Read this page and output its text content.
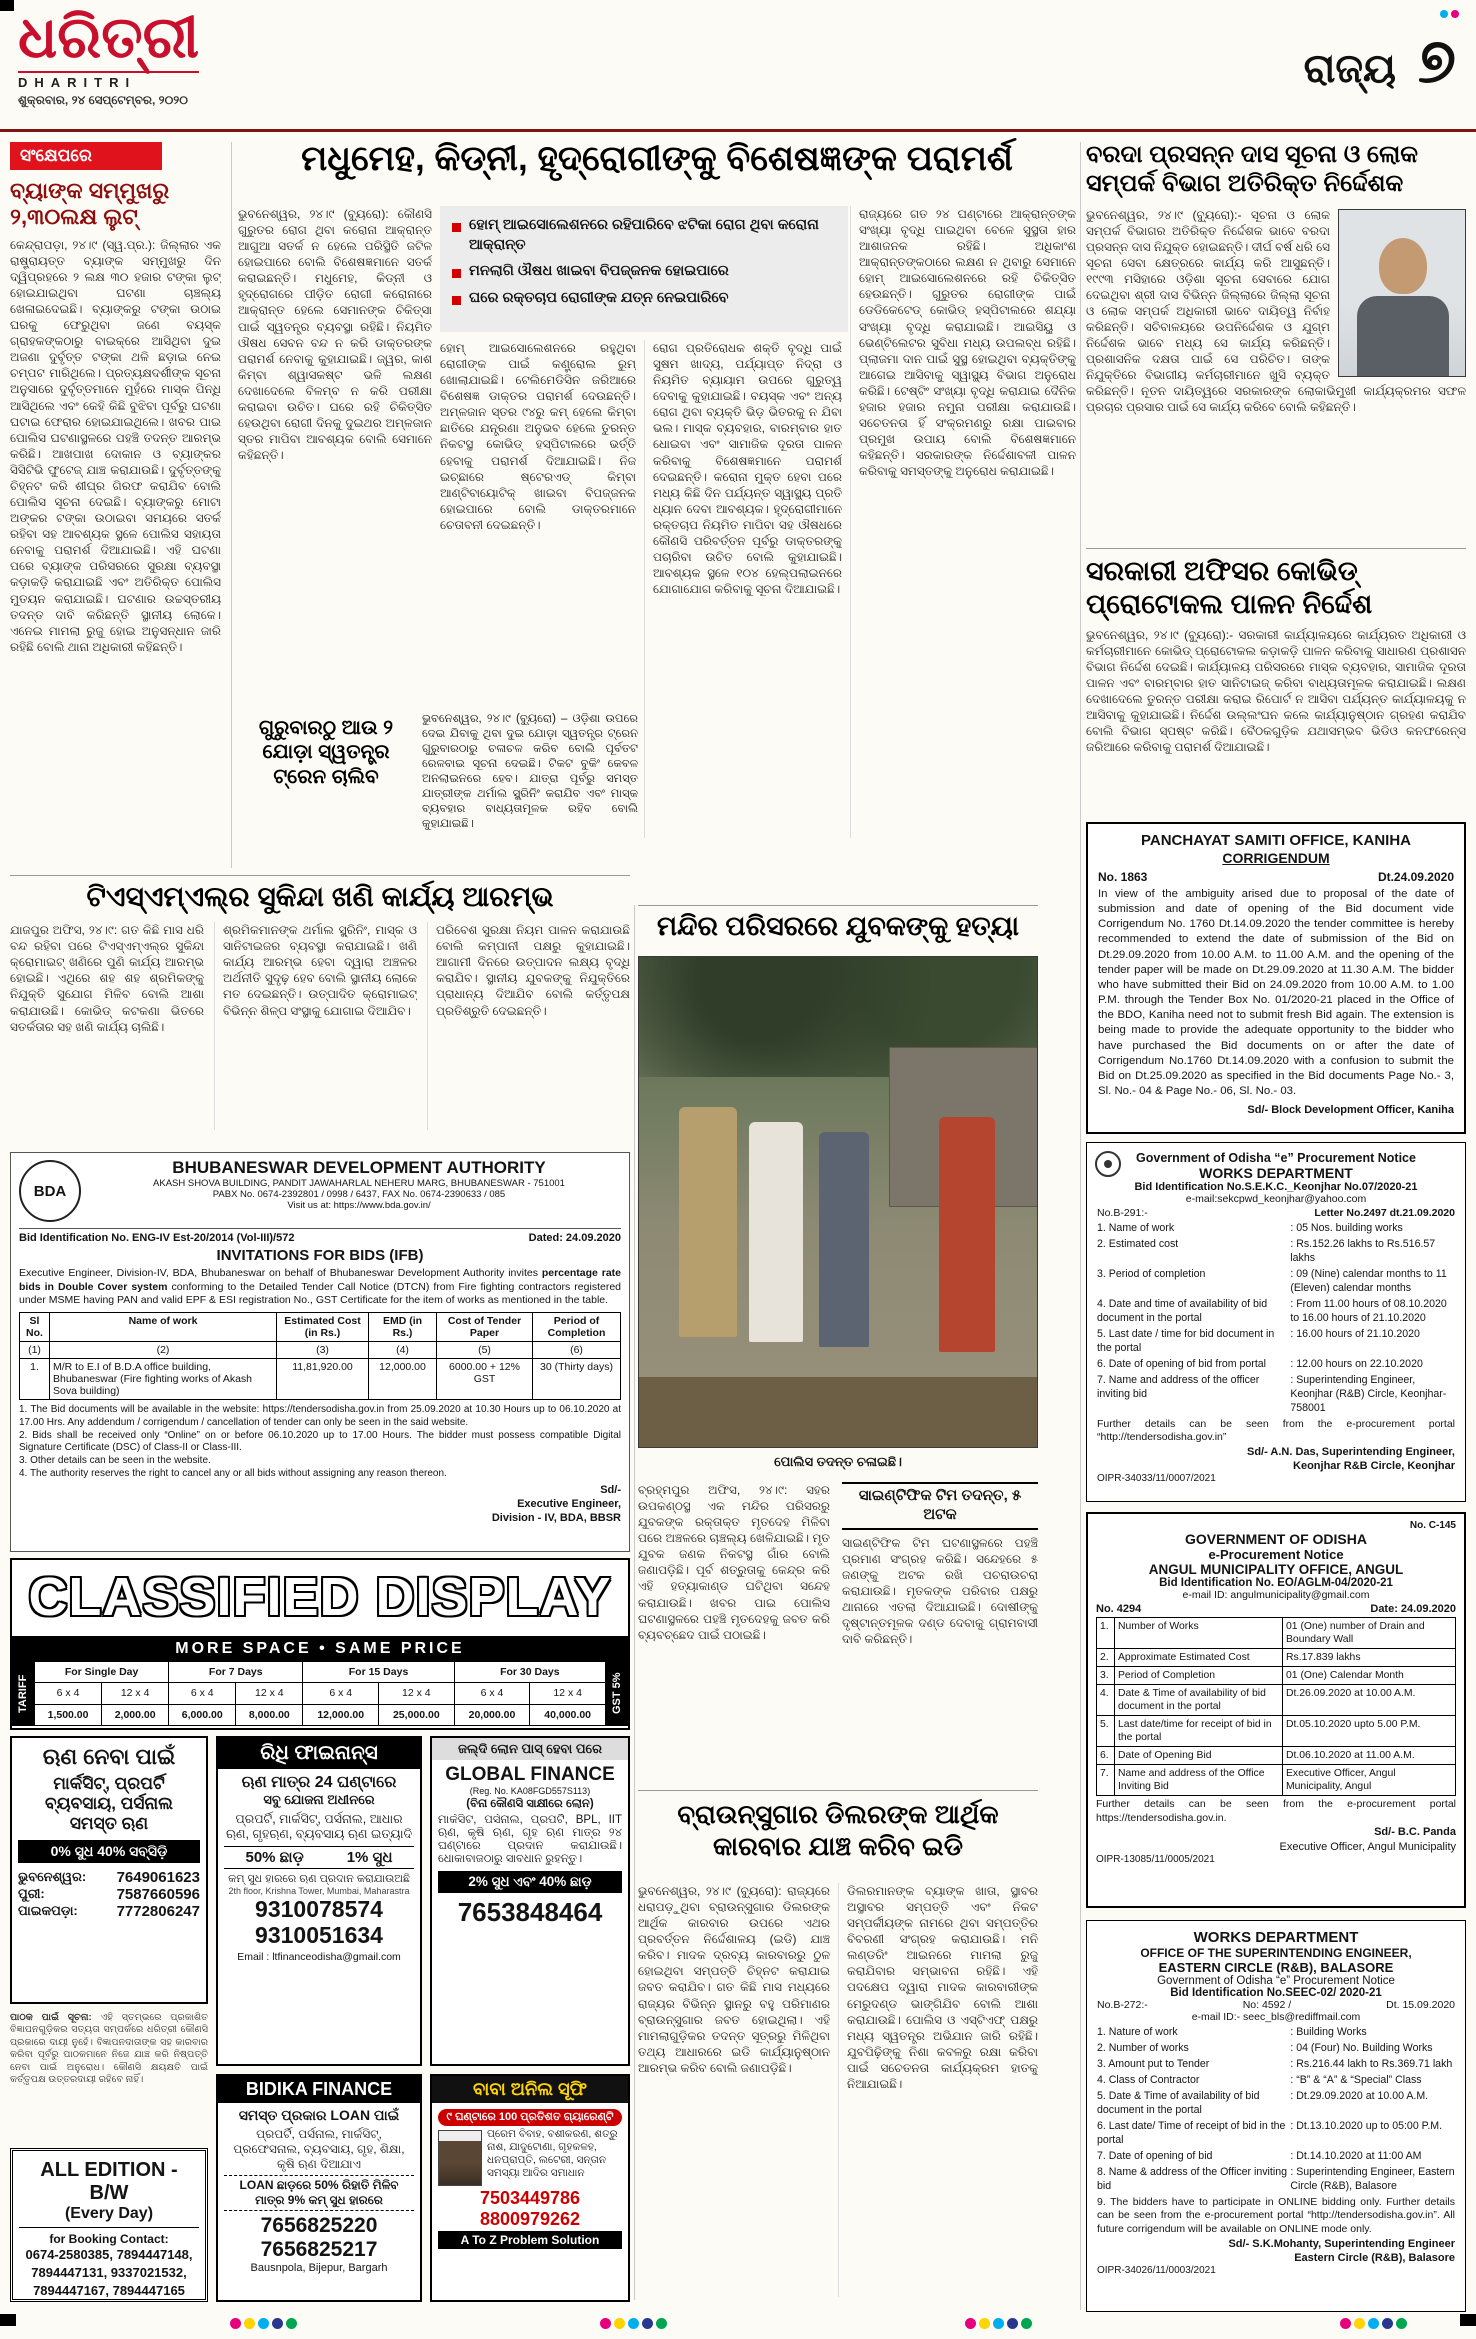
ଧରିତ୍ରୀ
DHARITRI
ଶୁକ୍ରବାର, ୨୪ ସେପ୍ଟେମ୍ବର, ୨୦୨୦
ରାଜ୍ୟ ୭
ସଂକ୍ଷେପରେ
ବ୍ୟାଙ୍କ ସମ୍ମୁଖରୁ ୨,୩୦ଲକ୍ଷ ଲୁଟ୍

କେନ୍ଦ୍ରାପଡ଼ା, ୨୪।୯ (ସ୍ୱ.ପ୍ର.): ଜିଲ୍ଲାର ଏକ ରାଷ୍ଟ୍ରାୟତ୍ତ ବ୍ୟାଙ୍କ ସମ୍ମୁଖରୁ ଦିନ ଦ୍ୱିପ୍ରହରେ ୨ ଲକ୍ଷ ୩୦ ହଜାର ଟଙ୍କା ଲୁଟ୍ ହୋଇଯାଇଥିବା ଘଟଣା ଚାଞ୍ଚଲ୍ୟ ଖେଳାଇଦେଇଛି। ବ୍ୟାଙ୍କରୁ ଟଙ୍କା ଉଠାଇ ଘରକୁ ଫେରୁଥିବା ଜଣେ ବୟସ୍କ ଗ୍ରାହକଙ୍କଠାରୁ ବାଇକ୍‌ରେ ଆସିଥିବା ଦୁଇ ଅଜଣା ଦୁର୍ବୃତ୍ତ ଟଙ୍କା ଥଳି ଛଡ଼ାଇ ନେଇ ଚମ୍ପଟ ମାରିଥିଲେ। ପ୍ରତ୍ୟକ୍ଷଦର୍ଶୀଙ୍କ ସୂଚନା ଅନୁସାରେ ଦୁର୍ବୃତ୍ତମାନେ ମୁହଁରେ ମାସ୍କ ପିନ୍ଧି ଆସିଥିଲେ ଏବଂ କେହି କିଛି ବୁଝିବା ପୂର୍ବରୁ ଘଟଣା ଘଟାଇ ଫେରାର ହୋଇଯାଇଥିଲେ। ଖବର ପାଇ ପୋଲିସ ଘଟଣାସ୍ଥଳରେ ପହଞ୍ଚି ତଦନ୍ତ ଆରମ୍ଭ କରିଛି। ଆଖପାଖ ଦୋକାନ ଓ ବ୍ୟାଙ୍କର ସିସିଟିଭି ଫୁଟେଜ୍ ଯାଞ୍ଚ କରାଯାଉଛି। ଦୁର୍ବୃତ୍ତଙ୍କୁ ଚିହ୍ନଟ କରି ଶୀଘ୍ର ଗିରଫ କରାଯିବ ବୋଲି ପୋଲିସ ସୂଚନା ଦେଇଛି। ବ୍ୟାଙ୍କରୁ ମୋଟା ଅଙ୍କର ଟଙ୍କା ଉଠାଇବା ସମୟରେ ସତର୍କ ରହିବା ସହ ଆବଶ୍ୟକ ସ୍ଥଳେ ପୋଲିସ ସହାୟତା ନେବାକୁ ପରାମର୍ଶ ଦିଆଯାଇଛି। ଏହି ଘଟଣା ପରେ ବ୍ୟାଙ୍କ ପରିସରରେ ସୁରକ୍ଷା ବ୍ୟବସ୍ଥା କଡ଼ାକଡ଼ି କରାଯାଇଛି ଏବଂ ଅତିରିକ୍ତ ପୋଲିସ ମୁତୟନ କରାଯାଇଛି। ଘଟଣାର ଉଚ୍ଚସ୍ତରୀୟ ତଦନ୍ତ ଦାବି କରିଛନ୍ତି ସ୍ଥାନୀୟ ଲୋକେ। ଏନେଇ ମାମଲା ରୁଜୁ ହୋଇ ଅନୁସନ୍ଧାନ ଜାରି ରହିଛି ବୋଲି ଥାନା ଅଧିକାରୀ କହିଛନ୍ତି।

ମଧୁମେହ, କିଡ୍‌ନୀ, ହୃଦ୍‌ରୋଗୀଙ୍କୁ ବିଶେଷଜ୍ଞଙ୍କ ପରାମର୍ଶ
ଭୁବନେଶ୍ୱର, ୨୪।୯ (ବ୍ୟୁରୋ): କୌଣସି ଗୁରୁତର ରୋଗ ଥିବା କରୋନା ଆକ୍ରାନ୍ତ ଆଗୁଆ ସତର୍କ ନ ହେଲେ ପରିସ୍ଥିତି ଜଟିଳ ହୋଇପାରେ ବୋଲି ବିଶେଷଜ୍ଞମାନେ ସତର୍କ କରାଇଛନ୍ତି। ମଧୁମେହ, କିଡ୍‌ନୀ ଓ ହୃଦ୍‌ରୋଗରେ ପୀଡ଼ିତ ରୋଗୀ କରୋନାରେ ଆକ୍ରାନ୍ତ ହେଲେ ସେମାନଙ୍କ ଚିକିତ୍ସା ପାଇଁ ସ୍ୱତନ୍ତ୍ର ବ୍ୟବସ୍ଥା ରହିଛି। ନିୟମିତ ଔଷଧ ସେବନ ବନ୍ଦ ନ କରି ଡାକ୍ତରଙ୍କ ପରାମର୍ଶ ନେବାକୁ କୁହାଯାଇଛି। ଜ୍ୱର, କାଶ କିମ୍ବା ଶ୍ୱାସକଷ୍ଟ ଭଳି ଲକ୍ଷଣ ଦେଖାଦେଲେ ବିଳମ୍ବ ନ କରି ପରୀକ୍ଷା କରାଇବା ଉଚିତ। ଘରେ ରହି ଚିକିତ୍ସିତ ହେଉଥିବା ରୋଗୀ ଦିନକୁ ଦୁଇଥର ଅମ୍ଳଜାନ ସ୍ତର ମାପିବା ଆବଶ୍ୟକ ବୋଲି ସେମାନେ କହିଛନ୍ତି।
ହୋମ୍ ଆଇସୋଲେଶନରେ ରହିପାରିବେ ଝଟିକା ରୋଗ ଥିବା କରୋନା ଆକ୍ରାନ୍ତ
ମନଲାଗି ଔଷଧ ଖାଇବା ବିପଜ୍ଜନକ ହୋଇପାରେ
ଘରେ ରକ୍ତଚାପ ରୋଗୀଙ୍କ ଯତ୍ନ ନେଇପାରିବେ
ହୋମ୍ ଆଇସୋଲେଶନରେ ରହୁଥିବା ରୋଗୀଙ୍କ ପାଇଁ କଣ୍ଟ୍ରୋଲ ରୁମ୍ ଖୋଲାଯାଇଛି। ଟେଲିମେଡିସିନ ଜରିଆରେ ବିଶେଷଜ୍ଞ ଡାକ୍ତର ପରାମର୍ଶ ଦେଉଛନ୍ତି। ଅମ୍ଳଜାନ ସ୍ତର ୯୪ରୁ କମ୍ ହେଲେ କିମ୍ବା ଛାତିରେ ଯନ୍ତ୍ରଣା ଅନୁଭବ ହେଲେ ତୁରନ୍ତ ନିକଟସ୍ଥ କୋଭିଡ୍ ହସ୍ପିଟାଲରେ ଭର୍ତ୍ତି ହେବାକୁ ପରାମର୍ଶ ଦିଆଯାଇଛି। ନିଜ ଇଚ୍ଛାରେ ଷ୍ଟେରଏଡ୍ କିମ୍ବା ଆଣ୍ଟିବାୟୋଟିକ୍ ଖାଇବା ବିପଜ୍ଜନକ ହୋଇପାରେ ବୋଲି ଡାକ୍ତରମାନେ ଚେତାବନୀ ଦେଇଛନ୍ତି।
ରୋଗ ପ୍ରତିରୋଧକ ଶକ୍ତି ବୃଦ୍ଧି ପାଇଁ ସୁଷମ ଖାଦ୍ୟ, ପର୍ଯ୍ୟାପ୍ତ ନିଦ୍ରା ଓ ନିୟମିତ ବ୍ୟାୟାମ ଉପରେ ଗୁରୁତ୍ୱ ଦେବାକୁ କୁହାଯାଇଛି। ବୟସ୍କ ଏବଂ ଅନ୍ୟ ରୋଗ ଥିବା ବ୍ୟକ୍ତି ଭିଡ଼ ଭିତରକୁ ନ ଯିବା ଭଲ। ମାସ୍କ ବ୍ୟବହାର, ବାରମ୍ବାର ହାତ ଧୋଇବା ଏବଂ ସାମାଜିକ ଦୂରତା ପାଳନ କରିବାକୁ ବିଶେଷଜ୍ଞମାନେ ପରାମର୍ଶ ଦେଇଛନ୍ତି। କରୋନା ମୁକ୍ତ ହେବା ପରେ ମଧ୍ୟ କିଛି ଦିନ ପର୍ଯ୍ୟନ୍ତ ସ୍ୱାସ୍ଥ୍ୟ ପ୍ରତି ଧ୍ୟାନ ଦେବା ଆବଶ୍ୟକ। ହୃଦ୍‌ରୋଗୀମାନେ ରକ୍ତଚାପ ନିୟମିତ ମାପିବା ସହ ଔଷଧରେ କୌଣସି ପରିବର୍ତ୍ତନ ପୂର୍ବରୁ ଡାକ୍ତରଙ୍କୁ ପଚାରିବା ଉଚିତ ବୋଲି କୁହାଯାଇଛି। ଆବଶ୍ୟକ ସ୍ଥଳେ ୧୦୪ ହେଲ୍ପଲାଇନରେ ଯୋଗାଯୋଗ କରିବାକୁ ସୂଚନା ଦିଆଯାଇଛି।
ରାଜ୍ୟରେ ଗତ ୨୪ ଘଣ୍ଟାରେ ଆକ୍ରାନ୍ତଙ୍କ ସଂଖ୍ୟା ବୃଦ୍ଧି ପାଇଥିବା ବେଳେ ସୁସ୍ଥତା ହାର ଆଶାଜନକ ରହିଛି। ଅଧିକାଂଶ ଆକ୍ରାନ୍ତଙ୍କଠାରେ ଲକ୍ଷଣ ନ ଥିବାରୁ ସେମାନେ ହୋମ୍ ଆଇସୋଲେଶନରେ ରହି ଚିକିତ୍ସିତ ହେଉଛନ୍ତି। ଗୁରୁତର ରୋଗୀଙ୍କ ପାଇଁ ଡେଡିକେଟେଡ୍ କୋଭିଡ୍ ହସ୍ପିଟାଲରେ ଶଯ୍ୟା ସଂଖ୍ୟା ବୃଦ୍ଧି କରାଯାଇଛି। ଆଇସିୟୁ ଓ ଭେଣ୍ଟିଲେଟର ସୁବିଧା ମଧ୍ୟ ଉପଲବ୍ଧ ରହିଛି। ପ୍ଲାଜମା ଦାନ ପାଇଁ ସୁସ୍ଥ ହୋଇଥିବା ବ୍ୟକ୍ତିଙ୍କୁ ଆଗେଇ ଆସିବାକୁ ସ୍ୱାସ୍ଥ୍ୟ ବିଭାଗ ଅନୁରୋଧ କରିଛି। ଟେଷ୍ଟିଂ ସଂଖ୍ୟା ବୃଦ୍ଧି କରାଯାଇ ଦୈନିକ ହଜାର ହଜାର ନମୁନା ପରୀକ୍ଷା କରାଯାଉଛି। ସଚେତନତା ହିଁ ସଂକ୍ରମଣରୁ ରକ୍ଷା ପାଇବାର ପ୍ରମୁଖ ଉପାୟ ବୋଲି ବିଶେଷଜ୍ଞମାନେ କହିଛନ୍ତି। ସରକାରଙ୍କ ନିର୍ଦ୍ଦେଶାବଳୀ ପାଳନ କରିବାକୁ ସମସ୍ତଙ୍କୁ ଅନୁରୋଧ କରାଯାଇଛି।
ଗୁରୁବାରଠୁ ଆଉ ୨ ଯୋଡ଼ା ସ୍ୱତନ୍ତ୍ର ଟ୍ରେନ ଚାଲିବ
ଭୁବନେଶ୍ୱର, ୨୪।୯ (ବ୍ୟୁରୋ) – ଓଡ଼ିଶା ଉପରେ ଦେଇ ଯିବାକୁ ଥିବା ଦୁଇ ଯୋଡ଼ା ସ୍ୱତନ୍ତ୍ର ଟ୍ରେନ ଗୁରୁବାରଠାରୁ ଚଳାଚଳ କରିବ ବୋଲି ପୂର୍ବତଟ ରେଳବାଇ ସୂଚନା ଦେଇଛି। ଟିକଟ ବୁକିଂ କେବଳ ଅନଲାଇନରେ ହେବ। ଯାତ୍ରା ପୂର୍ବରୁ ସମସ୍ତ ଯାତ୍ରୀଙ୍କ ଥର୍ମାଲ ସ୍କ୍ରିନିଂ କରାଯିବ ଏବଂ ମାସ୍କ ବ୍ୟବହାର ବାଧ୍ୟତାମୂଳକ ରହିବ ବୋଲି କୁହାଯାଇଛି।
ବରଦା ପ୍ରସନ୍ନ ଦାସ ସୂଚନା ଓ ଲୋକ ସମ୍ପର୍କ ବିଭାଗ ଅତିରିକ୍ତ ନିର୍ଦ୍ଦେଶକ
ଭୁବନେଶ୍ୱର, ୨୪।୯ (ବ୍ୟୁରୋ):- ସୂଚନା ଓ ଲୋକ ସମ୍ପର୍କ ବିଭାଗର ଅତିରିକ୍ତ ନିର୍ଦ୍ଦେଶକ ଭାବେ ବରଦା ପ୍ରସନ୍ନ ଦାସ ନିଯୁକ୍ତ ହୋଇଛନ୍ତି। ଦୀର୍ଘ ବର୍ଷ ଧରି ସେ ସୂଚନା ସେବା କ୍ଷେତ୍ରରେ କାର୍ଯ୍ୟ କରି ଆସୁଛନ୍ତି। ୧୯୯୩ ମସିହାରେ ଓଡ଼ିଶା ସୂଚନା ସେବାରେ ଯୋଗ ଦେଇଥିବା ଶ୍ରୀ ଦାସ ବିଭିନ୍ନ ଜିଲ୍ଲାରେ ଜିଲ୍ଲା ସୂଚନା ଓ ଲୋକ ସମ୍ପର୍କ ଅଧିକାରୀ ଭାବେ ଦାୟିତ୍ୱ ନିର୍ବାହ କରିଛନ୍ତି। ସଚିବାଳୟରେ ଉପନିର୍ଦ୍ଦେଶକ ଓ ଯୁଗ୍ମ ନିର୍ଦ୍ଦେଶକ ଭାବେ ମଧ୍ୟ ସେ କାର୍ଯ୍ୟ କରିଛନ୍ତି। ପ୍ରଶାସନିକ ଦକ୍ଷତା ପାଇଁ ସେ ପରିଚିତ। ତାଙ୍କ ନିଯୁକ୍ତିରେ ବିଭାଗୀୟ କର୍ମଚାରୀମାନେ ଖୁସି ବ୍ୟକ୍ତ କରିଛନ୍ତି। ନୂତନ ଦାୟିତ୍ୱରେ ସରକାରଙ୍କ ଲୋକାଭିମୁଖୀ କାର୍ଯ୍ୟକ୍ରମର ସଫଳ ପ୍ରଚାର ପ୍ରସାର ପାଇଁ ସେ କାର୍ଯ୍ୟ କରିବେ ବୋଲି କହିଛନ୍ତି।
ସରକାରୀ ଅଫିସର କୋଭିଡ୍‌ ପ୍ରୋଟୋକଲ ପାଳନ ନିର୍ଦ୍ଦେଶ

ଭୁବନେଶ୍ୱର, ୨୪।୯ (ବ୍ୟୁରୋ):- ସରକାରୀ କାର୍ଯ୍ୟାଳୟରେ କାର୍ଯ୍ୟରତ ଅଧିକାରୀ ଓ କର୍ମଚାରୀମାନେ କୋଭିଡ୍ ପ୍ରୋଟୋକଲ କଡ଼ାକଡ଼ି ପାଳନ କରିବାକୁ ସାଧାରଣ ପ୍ରଶାସନ ବିଭାଗ ନିର୍ଦ୍ଦେଶ ଦେଇଛି। କାର୍ଯ୍ୟାଳୟ ପରିସରରେ ମାସ୍କ ବ୍ୟବହାର, ସାମାଜିକ ଦୂରତା ପାଳନ ଏବଂ ବାରମ୍ବାର ହାତ ସାନିଟାଇଜ୍ କରିବା ବାଧ୍ୟତାମୂଳକ କରାଯାଇଛି। ଲକ୍ଷଣ ଦେଖାଦେଲେ ତୁରନ୍ତ ପରୀକ୍ଷା କରାଇ ରିପୋର୍ଟ ନ ଆସିବା ପର୍ଯ୍ୟନ୍ତ କାର୍ଯ୍ୟାଳୟକୁ ନ ଆସିବାକୁ କୁହାଯାଇଛି। ନିର୍ଦ୍ଦେଶ ଉଲ୍ଲଂଘନ କଲେ କାର୍ଯ୍ୟାନୁଷ୍ଠାନ ଗ୍ରହଣ କରାଯିବ ବୋଲି ବିଭାଗ ସ୍ପଷ୍ଟ କରିଛି। ବୈଠକଗୁଡ଼ିକ ଯଥାସମ୍ଭବ ଭିଡିଓ କନଫରେନ୍ସ ଜରିଆରେ କରିବାକୁ ପରାମର୍ଶ ଦିଆଯାଇଛି।

PANCHAYAT SAMITI OFFICE, KANIHA
CORRIGENDUM
No. 1863	Dt.24.09.2020

In view of the ambiguity arised due to proposal of the date of submission and date of opening of the Bid document vide Corrigendum No. 1760 Dt.14.09.2020 the tender committee is hereby recommended to extend the date of submission of the Bid on Dt.29.09.2020 from 10.00 A.M. to 11.00 A.M. and the opening of the tender paper will be made on Dt.29.09.2020 at 11.30 A.M. The bidder who have submitted their Bid on 24.09.2020 from 10.00 A.M. to 1.00 P.M. through the Tender Box No. 01/2020-21 placed in the Office of the BDO, Kaniha need not to submit fresh Bid again. The extension is being made to provide the adequate opportunity to the bidder who have purchased the Bid documents on or after the date of Corrigendum No.1760 Dt.14.09.2020 with a confusion to submit the Bid on Dt.25.09.2020 as specified in the Bid documents Page No.- 3, Sl. No.- 04 & Page No.- 06, Sl. No.- 03.

Sd/- Block Development Officer, Kaniha
Government of Odisha “e” Procurement Notice
WORKS DEPARTMENT
Bid Identification No.S.E.K.C._Keonjhar No.07/2020-21
e-mail:sekcpwd_keonjhar@yahoo.com
No.B-291:-	Letter No.2497 dt.21.09.2020
1. Name of work	: 05 Nos. building works
2. Estimated cost	: Rs.152.26 lakhs to Rs.516.57 lakhs
3. Period of completion	: 09 (Nine) calendar months to 11 (Eleven) calendar months
4. Date and time of availability of bid document in the portal
: From 11.00 hours of 08.10.2020 to 16.00 hours of 21.10.2020
5. Last date / time for bid document in the portal
: 16.00 hours of 21.10.2020
6. Date of opening of bid from portal	: 12.00 hours on 22.10.2020
7. Name and address of the officer inviting bid
: Superintending Engineer, Keonjhar (R&B) Circle, Keonjhar-758001

Further details can be seen from the e-procurement portal “http://tendersodisha.gov.in”

Sd/- A.N. Das, Superintending Engineer,
Keonjhar R&B Circle, Keonjhar
OIPR-34033/11/0007/2021
No. C-145
GOVERNMENT OF ODISHA
e-Procurement Notice
ANGUL MUNICIPALITY OFFICE, ANGUL
Bid Identification No. EO/AGLM-04/2020-21
e-mail ID: angulmunicipality@gmail.com
No. 4294	Date: 24.09.2020
1.	Number of Works	01 (One) number of Drain and Boundary Wall
2.	Approximate Estimated Cost	Rs.17.839 lakhs
3.	Period of Completion	01 (One) Calendar Month
4.	Date & Time of availability of bid document in the portal	Dt.26.09.2020 at 10.00 A.M.
5.	Last date/time for receipt of bid in the portal	Dt.05.10.2020 upto 5.00 P.M.
6.	Date of Opening Bid	Dt.06.10.2020 at 11.00 A.M.
7.	Name and address of the Office Inviting Bid	Executive Officer, Angul Municipality, Angul

Further details can be seen from the e-procurement portal https://tendersodisha.gov.in.

Sd/- B.C. Panda
Executive Officer, Angul Municipality
OIPR-13085/11/0005/2021
WORKS DEPARTMENT
OFFICE OF THE SUPERINTENDING ENGINEER,
EASTERN CIRCLE (R&B), BALASORE
Government of Odisha “e” Procurement Notice
Bid Identification No.SEEC-02/ 2020-21
No.B-272:-	No: 4592 /	Dt. 15.09.2020
e-mail ID:- seec_bls@rediffmail.com
1. Nature of work	: Building Works
2. Number of works	: 04 (Four) No. Building Works
3. Amount put to Tender	: Rs.216.44 lakh to Rs.369.71 lakh
4. Class of Contractor	: “B” & “A” & “Special” Class
5. Date & Time of availability of bid document in the portal
: Dt.29.09.2020 at 10.00 A.M.
6. Last date/ Time of receipt of bid in the portal
: Dt.13.10.2020 up to 05:00 P.M.
7. Date of opening of bid	: Dt.14.10.2020 at 11:00 AM
8. Name & address of the Officer inviting bid
: Superintending Engineer, Eastern Circle (R&B), Balasore

9. The bidders have to participate in ONLINE bidding only. Further details can be seen from the e-procurement portal “http://tendersodisha.gov.in”. All future corrigendum will be available on ONLINE mode only.

Sd/- S.K.Mohanty, Superintending Engineer
Eastern Circle (R&B), Balasore
OIPR-34026/11/0003/2021
ଟିଏସ୍‌ଏମ୍‌ଏଲ୍‌ର ସୁକିନ୍ଦା ଖଣି କାର୍ଯ୍ୟ ଆରମ୍ଭ
ଯାଜପୁର ଅଫିସ, ୨୪।୯: ଗତ କିଛି ମାସ ଧରି ବନ୍ଦ ରହିବା ପରେ ଟିଏସ୍‌ଏମ୍‌ଏଲ୍‌ର ସୁକିନ୍ଦା କ୍ରୋମାଇଟ୍ ଖଣିରେ ପୁଣି କାର୍ଯ୍ୟ ଆରମ୍ଭ ହୋଇଛି। ଏଥିରେ ଶହ ଶହ ଶ୍ରମିକଙ୍କୁ ନିଯୁକ୍ତି ସୁଯୋଗ ମିଳିବ ବୋଲି ଆଶା କରାଯାଉଛି। କୋଭିଡ୍ କଟକଣା ଭିତରେ ସତର୍କତାର ସହ ଖଣି କାର୍ଯ୍ୟ ଚାଲିଛି।
ଶ୍ରମିକମାନଙ୍କ ଥର୍ମାଲ ସ୍କ୍ରିନିଂ, ମାସ୍କ ଓ ସାନିଟାଇଜର ବ୍ୟବସ୍ଥା କରାଯାଇଛି। ଖଣି କାର୍ଯ୍ୟ ଆରମ୍ଭ ହେବା ଦ୍ୱାରା ଅଞ୍ଚଳର ଅର୍ଥନୀତି ସୁଦୃଢ଼ ହେବ ବୋଲି ସ୍ଥାନୀୟ ଲୋକେ ମତ ଦେଇଛନ୍ତି। ଉତ୍ପାଦିତ କ୍ରୋମାଇଟ୍ ବିଭିନ୍ନ ଶିଳ୍ପ ସଂସ୍ଥାକୁ ଯୋଗାଇ ଦିଆଯିବ।
ପରିବେଶ ସୁରକ୍ଷା ନିୟମ ପାଳନ କରାଯାଉଛି ବୋଲି କମ୍ପାନୀ ପକ୍ଷରୁ କୁହାଯାଇଛି। ଆଗାମୀ ଦିନରେ ଉତ୍ପାଦନ ଲକ୍ଷ୍ୟ ବୃଦ୍ଧି କରାଯିବ। ସ୍ଥାନୀୟ ଯୁବକଙ୍କୁ ନିଯୁକ୍ତିରେ ପ୍ରାଧାନ୍ୟ ଦିଆଯିବ ବୋଲି କର୍ତ୍ତୃପକ୍ଷ ପ୍ରତିଶ୍ରୁତି ଦେଇଛନ୍ତି।
ମନ୍ଦିର ପରିସରରେ ଯୁବକଙ୍କୁ ହତ୍ୟା
ପୋଲିସ ତଦନ୍ତ ଚଳାଇଛି।
ବ୍ରହ୍ମପୁର ଅଫିସ, ୨୪।୯: ସହର ଉପକଣ୍ଠସ୍ଥ ଏକ ମନ୍ଦିର ପରିସରରୁ ଯୁବକଙ୍କ ରକ୍ତାକ୍ତ ମୃତଦେହ ମିଳିବା ପରେ ଅଞ୍ଚଳରେ ଚାଞ୍ଚଲ୍ୟ ଖେଳିଯାଇଛି। ମୃତ ଯୁବକ ଜଣକ ନିକଟସ୍ଥ ଗାଁର ବୋଲି ଜଣାପଡ଼ିଛି। ପୂର୍ବ ଶତ୍ରୁତାକୁ କେନ୍ଦ୍ର କରି ଏହି ହତ୍ୟାକାଣ୍ଡ ଘଟିଥିବା ସନ୍ଦେହ କରାଯାଉଛି। ଖବର ପାଇ ପୋଲିସ ଘଟଣାସ୍ଥଳରେ ପହଞ୍ଚି ମୃତଦେହକୁ ଜବତ କରି ବ୍ୟବଚ୍ଛେଦ ପାଇଁ ପଠାଇଛି।
ସାଇଣ୍ଟିଫିକ ଟିମ ତଦନ୍ତ, ୫ ଅଟକ
ସାଇଣ୍ଟିଫିକ ଟିମ ଘଟଣାସ୍ଥଳରେ ପହଞ୍ଚି ପ୍ରମାଣ ସଂଗ୍ରହ କରିଛି। ସନ୍ଦେହରେ ୫ ଜଣଙ୍କୁ ଅଟକ ରଖି ପଚରାଉଚରା କରାଯାଉଛି। ମୃତକଙ୍କ ପରିବାର ପକ୍ଷରୁ ଥାନାରେ ଏତଲା ଦିଆଯାଇଛି। ଦୋଷୀଙ୍କୁ ଦୃଷ୍ଟାନ୍ତମୂଳକ ଦଣ୍ଡ ଦେବାକୁ ଗ୍ରାମବାସୀ ଦାବି କରିଛନ୍ତି।
ବ୍ରାଉନ୍‌ସୁଗାର ଡିଲରଙ୍କ ଆର୍ଥିକ କାରବାର ଯାଞ୍ଚ କରିବ ଇଡି
ଭୁବନେଶ୍ୱର, ୨୪।୯ (ବ୍ୟୁରୋ): ରାଜ୍ୟରେ ଧରାପଡ଼ୁଥିବା ବ୍ରାଉନ୍‌ସୁଗାର ଡିଲରଙ୍କ ଆର୍ଥିକ କାରବାର ଉପରେ ଏଥର ପ୍ରବର୍ତ୍ତନ ନିର୍ଦ୍ଦେଶାଳୟ (ଇଡି) ଯାଞ୍ଚ କରିବ। ମାଦକ ଦ୍ରବ୍ୟ କାରବାରରୁ ଠୁଳ ହୋଇଥିବା ସମ୍ପତ୍ତି ଚିହ୍ନଟ କରାଯାଇ ଜବତ କରାଯିବ। ଗତ କିଛି ମାସ ମଧ୍ୟରେ ରାଜ୍ୟର ବିଭିନ୍ନ ସ୍ଥାନରୁ ବହୁ ପରିମାଣର ବ୍ରାଉନ୍‌ସୁଗାର ଜବତ ହୋଇଥିଲା। ଏହି ମାମଲାଗୁଡ଼ିକର ତଦନ୍ତ ସୂତ୍ରରୁ ମିଳିଥିବା ତଥ୍ୟ ଆଧାରରେ ଇଡି କାର୍ଯ୍ୟାନୁଷ୍ଠାନ ଆରମ୍ଭ କରିବ ବୋଲି ଜଣାପଡ଼ିଛି।
ଡିଲରମାନଙ୍କ ବ୍ୟାଙ୍କ ଖାତା, ସ୍ଥାବର ଅସ୍ଥାବର ସମ୍ପତ୍ତି ଏବଂ ନିକଟ ସମ୍ପର୍କୀୟଙ୍କ ନାମରେ ଥିବା ସମ୍ପତ୍ତିର ବିବରଣୀ ସଂଗ୍ରହ କରାଯାଉଛି। ମନି ଲଣ୍ଡରିଂ ଆଇନରେ ମାମଲା ରୁଜୁ କରାଯିବାର ସମ୍ଭାବନା ରହିଛି। ଏହି ପଦକ୍ଷେପ ଦ୍ୱାରା ମାଦକ କାରବାରୀଙ୍କ ମେରୁଦଣ୍ଡ ଭାଙ୍ଗିଯିବ ବୋଲି ଆଶା କରାଯାଉଛି। ପୋଲିସ ଓ ଏସ୍‌ଟିଏଫ୍ ପକ୍ଷରୁ ମଧ୍ୟ ସ୍ୱତନ୍ତ୍ର ଅଭିଯାନ ଜାରି ରହିଛି। ଯୁବପିଢ଼ିଙ୍କୁ ନିଶା କବଳରୁ ରକ୍ଷା କରିବା ପାଇଁ ସଚେତନତା କାର୍ଯ୍ୟକ୍ରମ ହାତକୁ ନିଆଯାଇଛି।
BDA
BHUBANESWAR DEVELOPMENT AUTHORITY
AKASH SHOVA BUILDING, PANDIT JAWAHARLAL NEHERU MARG, BHUBANESWAR - 751001
PABX No. 0674-2392801 / 0998 / 6437, FAX No. 0674-2390633 / 085
Visit us at: https://www.bda.gov.in/
Bid Identification No. ENG-IV Est-20/2014 (Vol-III)/572	Dated: 24.09.2020
INVITATIONS FOR BIDS (IFB)

Executive Engineer, Division-IV, BDA, Bhubaneswar on behalf of Bhubaneswar Development Authority invites percentage rate bids in Double Cover system conforming to the Detailed Tender Call Notice (DTCN) from Fire fighting contractors registered under MSME having PAN and valid EPF & ESI registration No., GST Certificate for the item of works as mentioned in the table.

Sl No.	Name of work	Estimated Cost (in Rs.)	EMD (in Rs.)	Cost of Tender Paper	Period of Completion
(1)	(2)	(3)	(4)	(5)	(6)
1.	M/R to E.I of B.D.A office building, Bhubaneswar (Fire fighting works of Akash Sova building)	11,81,920.00	12,000.00	6000.00 + 12% GST	30 (Thirty days)

1. The Bid documents will be available in the website: https://tendersodisha.gov.in from 25.09.2020 at 10.30 Hours up to 06.10.2020 at 17.00 Hrs. Any addendum / corrigendum / cancellation of tender can only be seen in the said website.

2. Bids shall be received only “Online” on or before 06.10.2020 up to 17.00 Hours. The bidder must possess compatible Digital Signature Certificate (DSC) of Class-II or Class-III.

3. Other details can be seen in the website.

4. The authority reserves the right to cancel any or all bids without assigning any reason thereon.

Sd/-
Executive Engineer,
Division - IV, BDA, BBSR
CLASSIFIED DISPLAY
MORE SPACE • SAME PRICE
TARIFF
For Single Day		For 7 Days		For 15 Days		For 30 Days	
6 x 4	12 x 4	6 x 4	12 x 4	6 x 4	12 x 4	6 x 4	12 x 4
1,500.00	2,000.00	6,000.00	8,000.00	12,000.00	25,000.00	20,000.00	40,000.00
GST 5%
ଋଣ ନେବା ପାଇଁ
ମାର୍କସିଟ୍‌, ପ୍ରପର୍ଟି
ବ୍ୟବସାୟ, ପର୍ସନାଲ
ସମସ୍ତ ଋଣ
0% ସୁଧ 40% ସବ୍‌ସିଡ଼ି
ଭୁବନେଶ୍ୱର: 7649061623
ପୁରୀ:	7587660596
ପାଇକପଡ଼ା:	7772806247
ପାଠକ ପାଇଁ ସୂଚନା: ଏହି ସ୍ତମ୍ଭରେ ପ୍ରକାଶିତ ବିଜ୍ଞାପନଗୁଡ଼ିକର ସତ୍ୟତା ସମ୍ପର୍କରେ ଧରିତ୍ରୀ କୌଣସି ପ୍ରକାରେ ଦାୟୀ ନୁହେଁ। ବିଜ୍ଞାପନଦାତାଙ୍କ ସହ କାରବାର କରିବା ପୂର୍ବରୁ ପାଠକମାନେ ନିଜେ ଯାଞ୍ଚ କରି ନିଷ୍ପତ୍ତି ନେବା ପାଇଁ ଅନୁରୋଧ। କୌଣସି କ୍ଷୟକ୍ଷତି ପାଇଁ କର୍ତ୍ତୃପକ୍ଷ ଉତ୍ତରଦାୟୀ ରହିବେ ନାହିଁ।
ALL EDITION - B/W
(Every Day)
for Booking Contact:
0674-2580385, 7894447148, 7894447131, 9337021532, 7894447167, 7894447165
ରିଧି ଫାଇନାନ୍ସ
ଋଣ ମାତ୍ର 24 ଘଣ୍ଟାରେ
ସବୁ ଯୋଜନା ଅଧୀନରେ
ପ୍ରପର୍ଟି, ମାର୍କସିଟ୍‌, ପର୍ସନାଲ, ଆଧାର ଋଣ, ଗୃହଋଣ, ବ୍ୟବସାୟ ଋଣ ଇତ୍ୟାଦି
50% ଛାଡ଼	1% ସୁଧ
କମ୍ ସୁଧ ହାରରେ ଋଣ ପ୍ରଦାନ କରାଯାଉଅଛି
2th floor, Krishna Tower, Mumbai, Maharastra
9310078574
9310051634
Email : ltfinanceodisha@gmail.com
BIDIKA FINANCE
ସମସ୍ତ ପ୍ରକାର LOAN ପାଇଁ
ପ୍ରପର୍ଟି, ପର୍ସନାଲ, ମାର୍କସିଟ୍‌, ପ୍ରଫେସନାଲ, ବ୍ୟବସାୟ, ଗୃହ, ଶିକ୍ଷା, କୃଷି ଋଣ ଦିଆଯାଏ
LOAN ଛାଡ଼ରେ 50% ରିହାତି ମିଳିବ ମାତ୍ର 9% କମ୍ ସୁଧ ହାରରେ
7656825220
7656825217
Bausnpola, Bijepur, Bargarh
ଜଲ୍‌ଦି ଲୋନ ପାସ୍ ହେବା ପରେ
GLOBAL FINANCE
(Reg. No. KA08FGD557S113)
(ବିନା କୌଣସି ସାକ୍ଷୀରେ ଲୋନ)
ମାର୍କସିଟ, ପର୍ସନାଲ, ପ୍ରପର୍ଟି, BPL, IIT ଋଣ, କୃଷି ଋଣ, ଗୃହ ଋଣ ମାତ୍ର ୨୪ ଘଣ୍ଟାରେ ପ୍ରଦାନ କରାଯାଉଛି। ଧୋକାବାଜଠାରୁ ସାବଧାନ ରୁହନ୍ତୁ।
2% ସୁଧ ଏବଂ 40% ଛାଡ଼
7653848464
ବାବା ଅନିଲ ସୂଫି
୯ ଘଣ୍ଟାରେ 100 ପ୍ରତିଶତ ଗ୍ୟାରେଣ୍ଟି
ପ୍ରେମ ବିବାହ, ବଶୀକରଣ, ଶତ୍ରୁ ନାଶ, ଯାଦୁଟୋଣା, ଗୃହକଳହ, ଧନପ୍ରାପ୍ତି, ଲଟେରୀ, ସନ୍ତାନ ସମସ୍ୟା ଆଦିର ସମାଧାନ
7503449786
8800979262
A To Z Problem Solution
